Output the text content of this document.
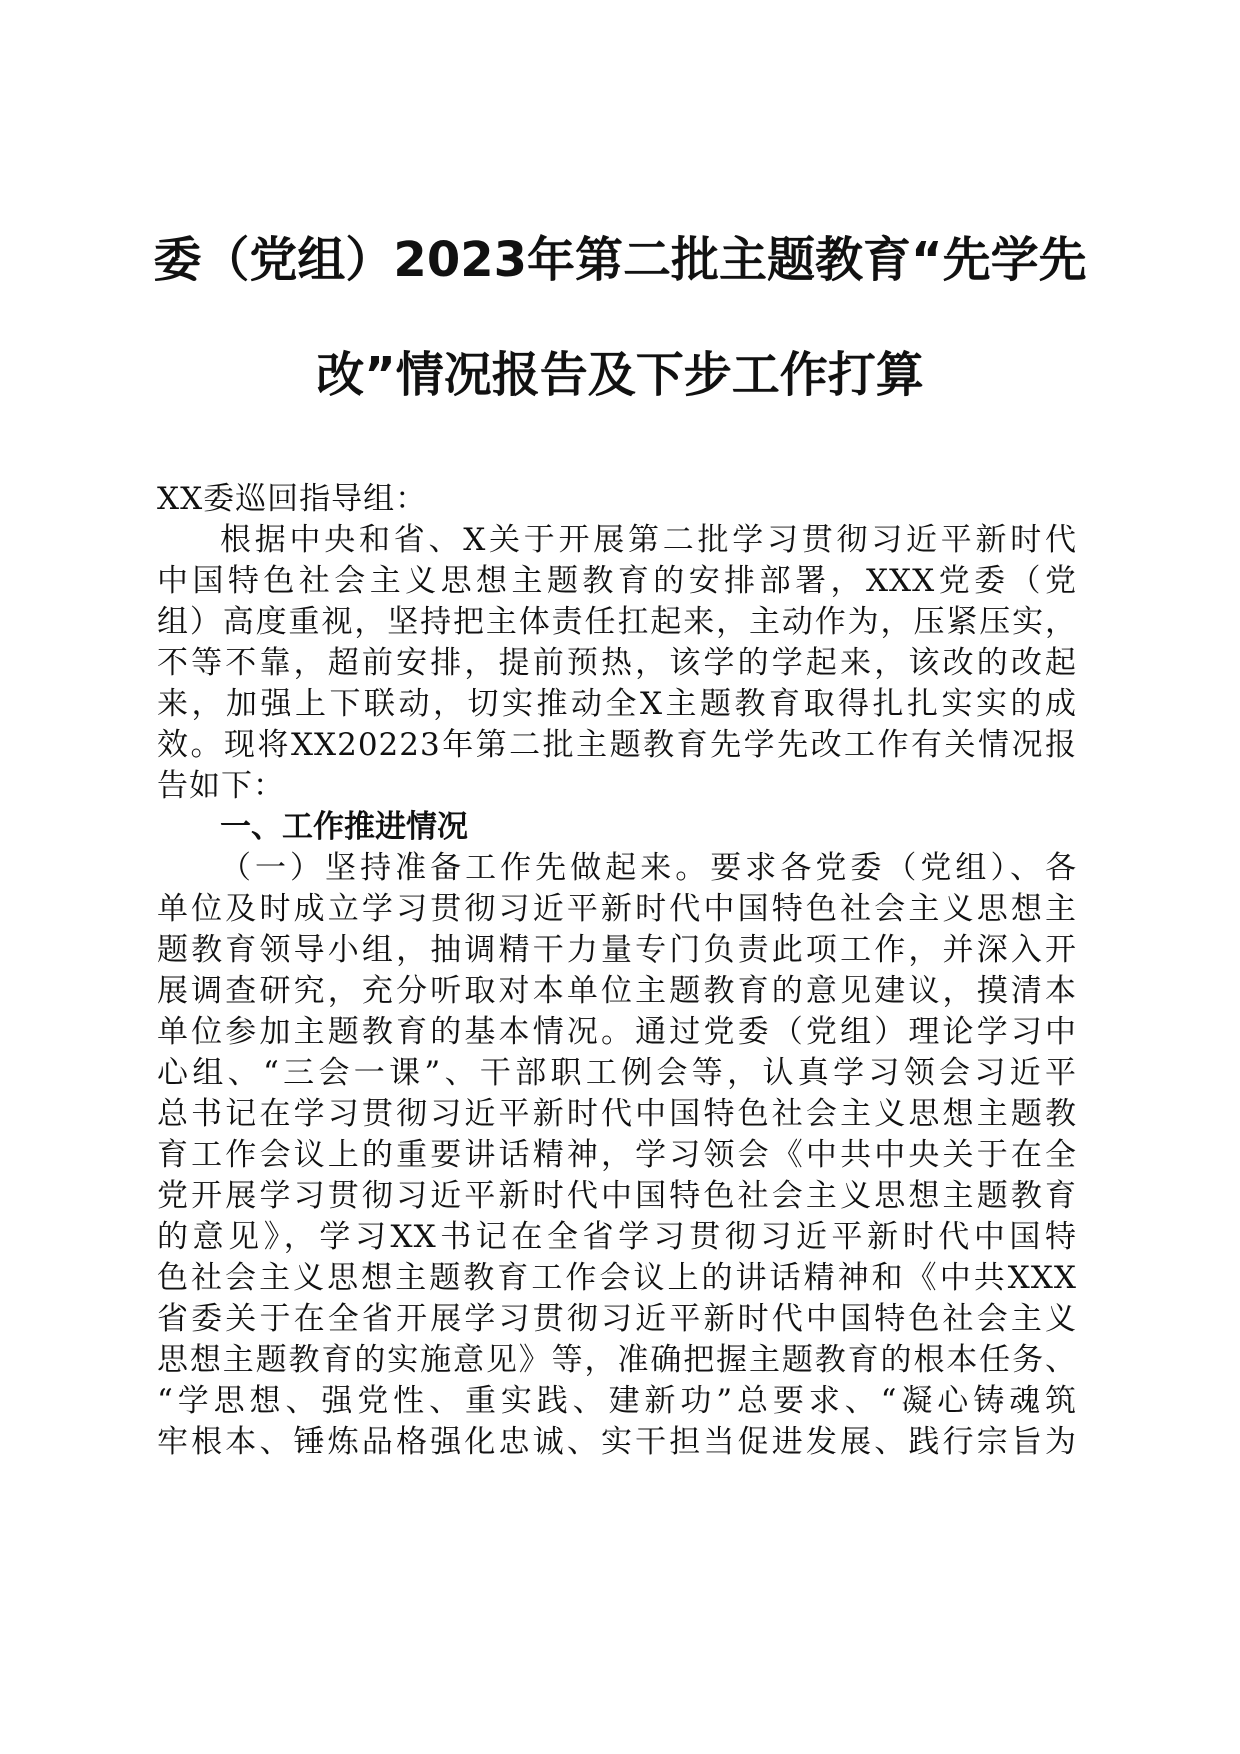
委（党组）2023年第二批主题教育“先学先
改”情况报告及下步工作打算
XX委巡回指导组：
根据中央和省、X关于开展第二批学习贯彻习近平新时代
中国特色社会主义思想主题教育的安排部署，XXX党委（党
组）高度重视，坚持把主体责任扛起来，主动作为，压紧压实，
不等不靠，超前安排，提前预热，该学的学起来，该改的改起
来，加强上下联动，切实推动全X主题教育取得扎扎实实的成
效。现将XX20223年第二批主题教育先学先改工作有关情况报
告如下：
一、工作推进情况
（一）坚持准备工作先做起来。要求各党委（党组）、各
单位及时成立学习贯彻习近平新时代中国特色社会主义思想主
题教育领导小组，抽调精干力量专门负责此项工作，并深入开
展调查研究，充分听取对本单位主题教育的意见建议，摸清本
单位参加主题教育的基本情况。通过党委（党组）理论学习中
心组、“三会一课”、干部职工例会等，认真学习领会习近平
总书记在学习贯彻习近平新时代中国特色社会主义思想主题教
育工作会议上的重要讲话精神，学习领会《中共中央关于在全
党开展学习贯彻习近平新时代中国特色社会主义思想主题教育
的意见》，学习XX书记在全省学习贯彻习近平新时代中国特
色社会主义思想主题教育工作会议上的讲话精神和《中共XXX
省委关于在全省开展学习贯彻习近平新时代中国特色社会主义
思想主题教育的实施意见》等，准确把握主题教育的根本任务、
“学思想、强党性、重实践、建新功”总要求、“凝心铸魂筑
牢根本、锤炼品格强化忠诚、实干担当促进发展、践行宗旨为
